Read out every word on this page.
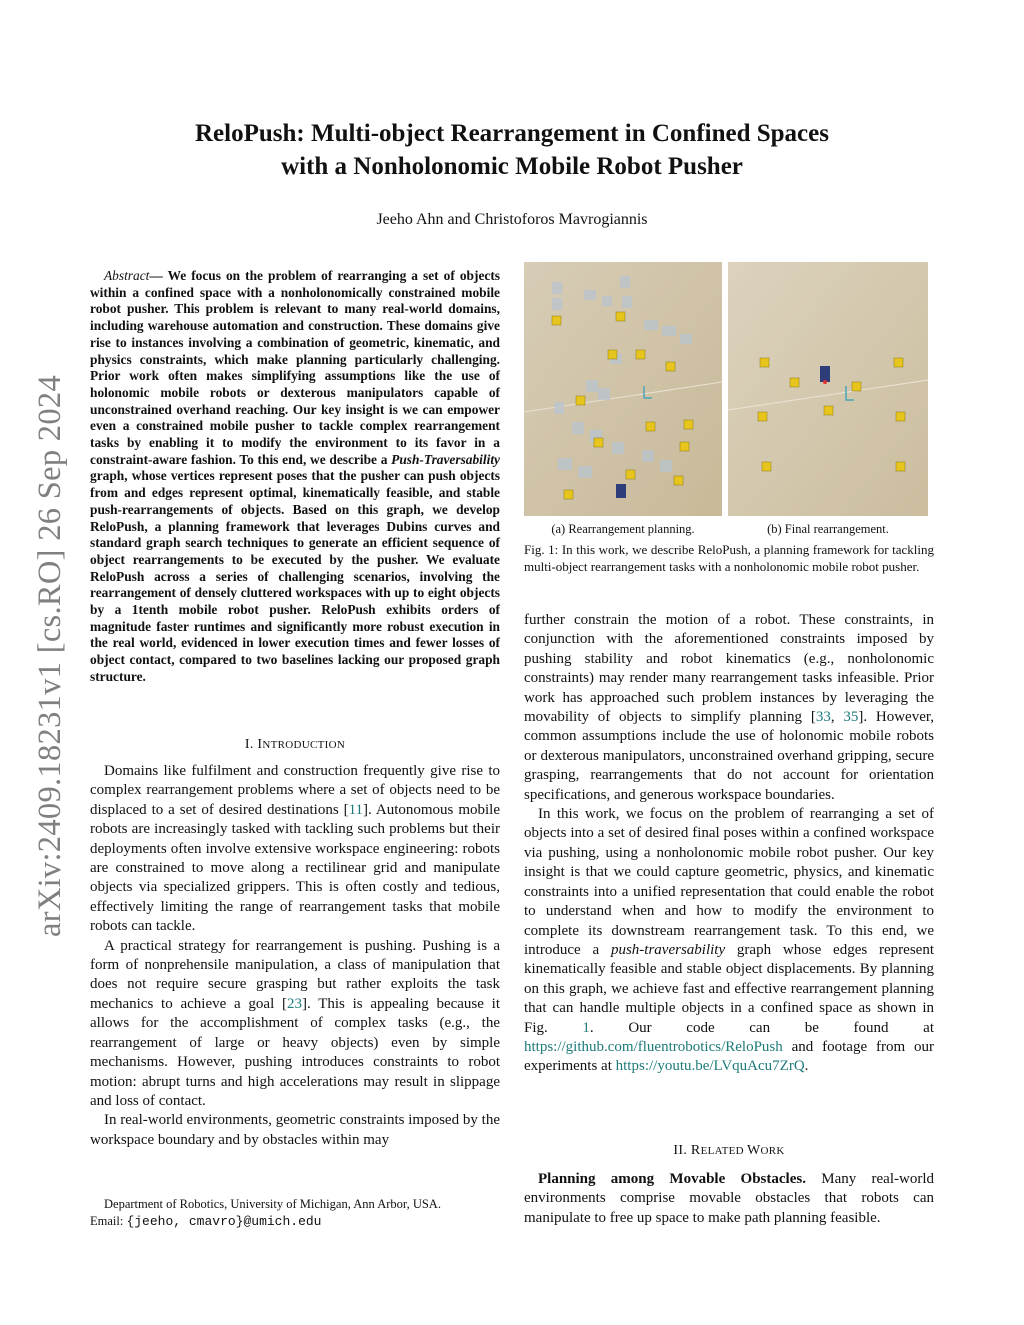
ReloPush: Multi-object Rearrangement in Confined Spaces
with a Nonholonomic Mobile Robot Pusher
Jeeho Ahn and Christoforos Mavrogiannis
arXiv:2409.18231v1 [cs.RO] 26 Sep 2024
Abstract— We focus on the problem of rearranging a set of objects within a confined space with a nonholonomically constrained mobile robot pusher. This problem is relevant to many real-world domains, including warehouse automation and construction. These domains give rise to instances involving a combination of geometric, kinematic, and physics constraints, which make planning particularly challenging. Prior work often makes simplifying assumptions like the use of holonomic mobile robots or dexterous manipulators capable of unconstrained overhand reaching. Our key insight is we can empower even a constrained mobile pusher to tackle complex rearrangement tasks by enabling it to modify the environment to its favor in a constraint-aware fashion. To this end, we describe a Push-Traversability graph, whose vertices represent poses that the pusher can push objects from and edges represent optimal, kinematically feasible, and stable push-rearrangements of objects. Based on this graph, we develop ReloPush, a planning framework that leverages Dubins curves and standard graph search techniques to generate an efficient sequence of object rearrangements to be executed by the pusher. We evaluate ReloPush across a series of challenging scenarios, involving the rearrangement of densely cluttered workspaces with up to eight objects by a 1tenth mobile robot pusher. ReloPush exhibits orders of magnitude faster runtimes and significantly more robust execution in the real world, evidenced in lower execution times and fewer losses of object contact, compared to two baselines lacking our proposed graph structure.
I. INTRODUCTION

Domains like fulfilment and construction frequently give rise to complex rearrangement problems where a set of objects need to be displaced to a set of desired destinations [11]. Autonomous mobile robots are increasingly tasked with tackling such problems but their deployments often involve extensive workspace engineering: robots are constrained to move along a rectilinear grid and manipulate objects via specialized grippers. This is often costly and tedious, effectively limiting the range of rearrangement tasks that mobile robots can tackle.

A practical strategy for rearrangement is pushing. Pushing is a form of nonprehensile manipulation, a class of manipulation that does not require secure grasping but rather exploits the task mechanics to achieve a goal [23]. This is appealing because it allows for the accomplishment of complex tasks (e.g., the rearrangement of large or heavy objects) even by simple mechanisms. However, pushing introduces constraints to robot motion: abrupt turns and high accelerations may result in slippage and loss of contact.

In real-world environments, geometric constraints imposed by the workspace boundary and by obstacles within may

Department of Robotics, University of Michigan, Ann Arbor, USA.
Email: {jeeho, cmavro}@umich.edu
(a) Rearrangement planning.	(b) Final rearrangement.
Fig. 1: In this work, we describe ReloPush, a planning framework for tackling multi-object rearrangement tasks with a nonholonomic mobile robot pusher.

further constrain the motion of a robot. These constraints, in conjunction with the aforementioned constraints imposed by pushing stability and robot kinematics (e.g., nonholonomic constraints) may render many rearrangement tasks infeasible. Prior work has approached such problem instances by leveraging the movability of objects to simplify planning [33, 35]. However, common assumptions include the use of holonomic mobile robots or dexterous manipulators, unconstrained overhand gripping, secure grasping, rearrangements that do not account for orientation specifications, and generous workspace boundaries.

In this work, we focus on the problem of rearranging a set of objects into a set of desired final poses within a confined workspace via pushing, using a nonholonomic mobile robot pusher. Our key insight is that we could capture geometric, physics, and kinematic constraints into a unified representation that could enable the robot to understand when and how to modify the environment to complete its downstream rearrangement task. To this end, we introduce a push-traversability graph whose edges represent kinematically feasible and stable object displacements. By planning on this graph, we achieve fast and effective rearrangement planning that can handle multiple objects in a confined space as shown in Fig. 1. Our code can be found at https://github.com/fluentrobotics/ReloPush and footage from our experiments at https://youtu.be/LVquAcu7ZrQ.

II. RELATED WORK

Planning among Movable Obstacles. Many real-world environments comprise movable obstacles that robots can manipulate to free up space to make path planning feasible.
